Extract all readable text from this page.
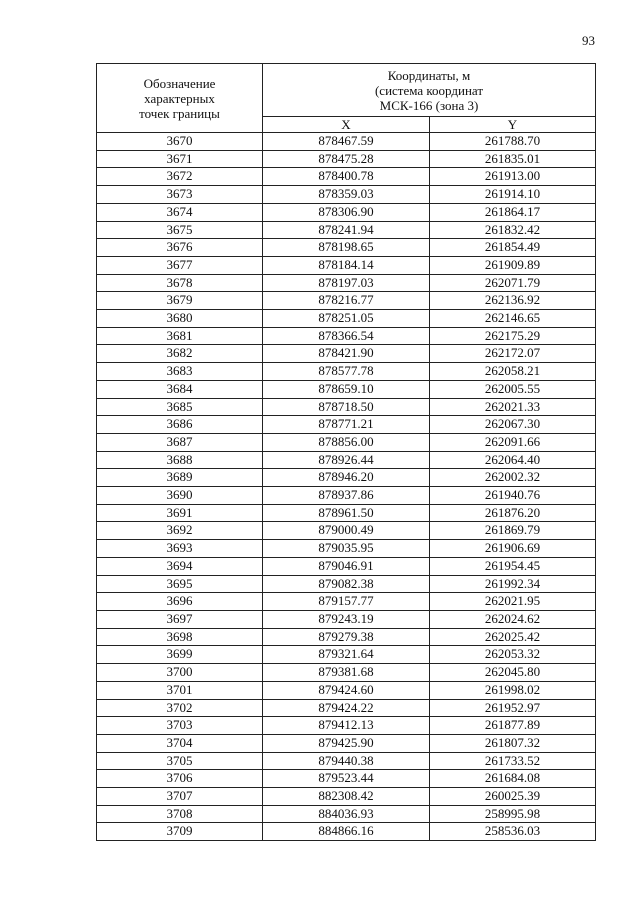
93
Обозначение
характерных
точек границы	Координаты, м
(система координат
МСК-166 (зона 3)	

	X	Y
3670	878467.59	261788.70
3671	878475.28	261835.01
3672	878400.78	261913.00
3673	878359.03	261914.10
3674	878306.90	261864.17
3675	878241.94	261832.42
3676	878198.65	261854.49
3677	878184.14	261909.89
3678	878197.03	262071.79
3679	878216.77	262136.92
3680	878251.05	262146.65
3681	878366.54	262175.29
3682	878421.90	262172.07
3683	878577.78	262058.21
3684	878659.10	262005.55
3685	878718.50	262021.33
3686	878771.21	262067.30
3687	878856.00	262091.66
3688	878926.44	262064.40
3689	878946.20	262002.32
3690	878937.86	261940.76
3691	878961.50	261876.20
3692	879000.49	261869.79
3693	879035.95	261906.69
3694	879046.91	261954.45
3695	879082.38	261992.34
3696	879157.77	262021.95
3697	879243.19	262024.62
3698	879279.38	262025.42
3699	879321.64	262053.32
3700	879381.68	262045.80
3701	879424.60	261998.02
3702	879424.22	261952.97
3703	879412.13	261877.89
3704	879425.90	261807.32
3705	879440.38	261733.52
3706	879523.44	261684.08
3707	882308.42	260025.39
3708	884036.93	258995.98
3709	884866.16	258536.03
